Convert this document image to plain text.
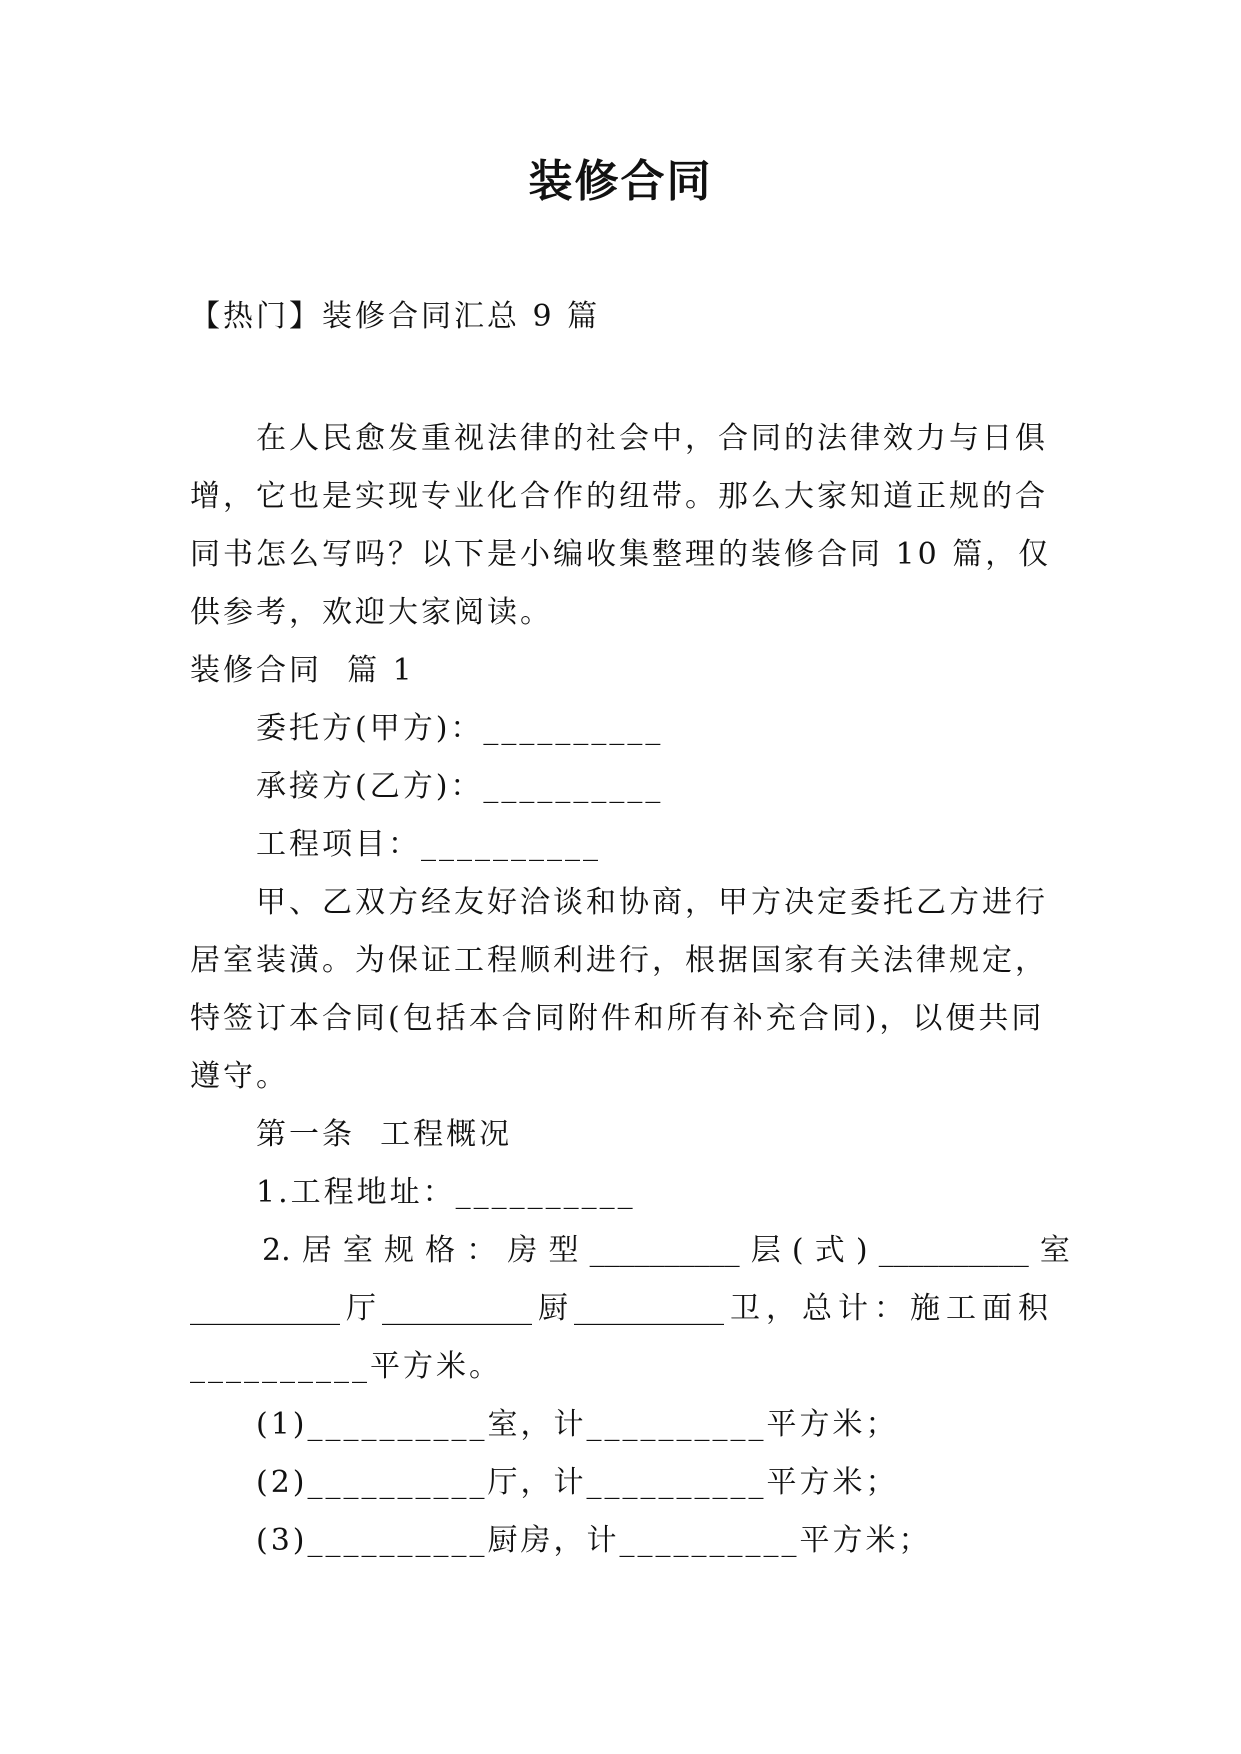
装修合同
【热门】装修合同汇总 9 篇
在人民愈发重视法律的社会中，合同的法律效力与日俱
增，它也是实现专业化合作的纽带。那么大家知道正规的合
同书怎么写吗？以下是小编收集整理的装修合同 10 篇，仅
供参考，欢迎大家阅读。
装修合同  篇 1
委托方(甲方)：__________
承接方(乙方)：__________
工程项目：__________
甲、乙双方经友好洽谈和协商，甲方决定委托乙方进行
居室装潢。为保证工程顺利进行，根据国家有关法律规定，
特签订本合同(包括本合同附件和所有补充合同)，以便共同
遵守。
第一条  工程概况
1.工程地址：__________
2. 居 室 规 格 ： 房 型 __________ 层 ( 式 ) __________ 室
__________ 厅 __________ 厨 __________ 卫 ， 总 计 ： 施 工 面 积
__________平方米。
(1)__________室，计__________平方米；
(2)__________厅，计__________平方米；
(3)__________厨房，计__________平方米；
